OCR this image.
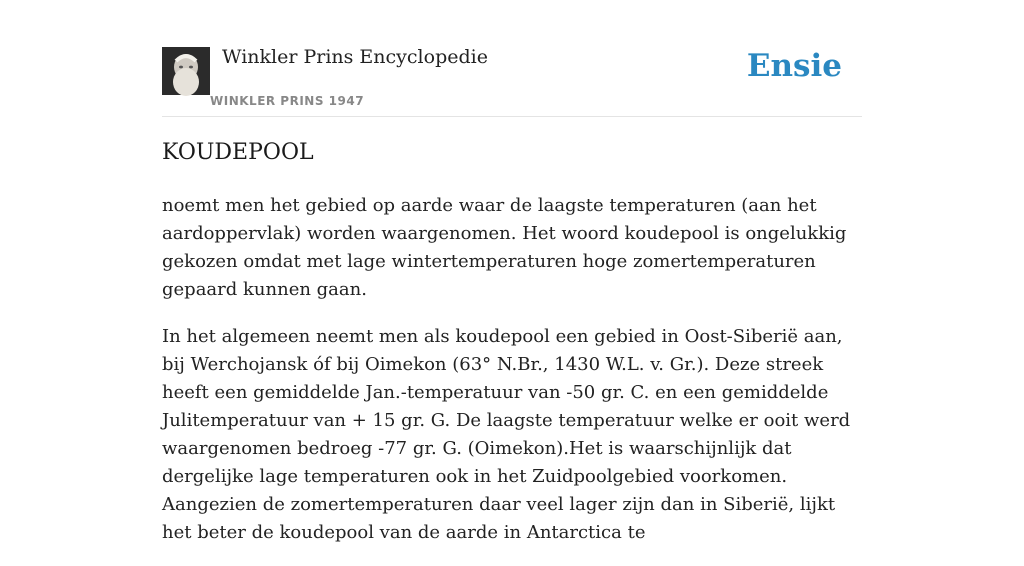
Winkler Prins Encyclopedie
WINKLER PRINS 1947
Ensie
KOUDEPOOL

noemt men het gebied op aarde waar de laagste temperaturen (aan het aardoppervlak) worden waargenomen. Het woord koudepool is ongelukkig gekozen omdat met lage wintertemperaturen hoge zomertemperaturen gepaard kunnen gaan.

In het algemeen neemt men als koudepool een gebied in Oost-Siberië aan, bij Werchojansk óf bij Oimekon (63° N.Br., 1430 W.L. v. Gr.). Deze streek heeft een gemiddelde Jan.-temperatuur van -50 gr. C. en een gemiddelde Julitemperatuur van + 15 gr. G. De laagste temperatuur welke er ooit werd waargenomen bedroeg -77 gr. G. (Oimekon).Het is waarschijnlijk dat dergelijke lage temperaturen ook in het Zuidpoolgebied voorkomen. Aangezien de zomertemperaturen daar veel lager zijn dan in Siberië, lijkt het beter de koudepool van de aarde in Antarctica te
